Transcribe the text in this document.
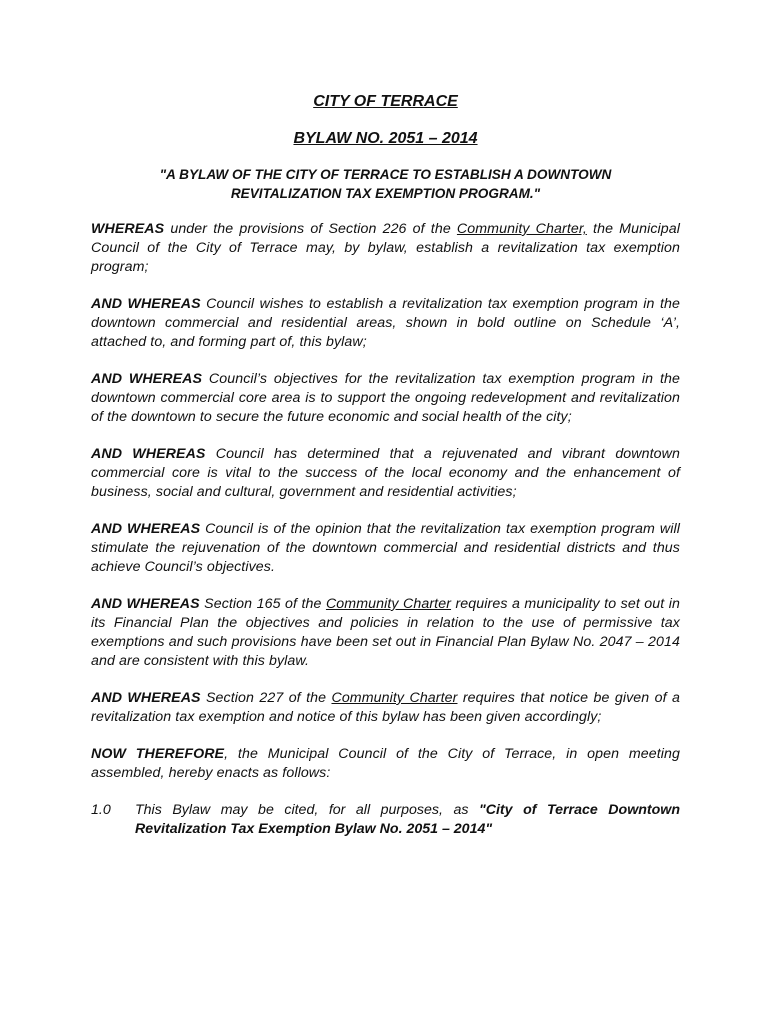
CITY OF TERRACE

BYLAW NO. 2051 – 2014

"A BYLAW OF THE CITY OF TERRACE TO ESTABLISH A DOWNTOWN REVITALIZATION TAX EXEMPTION PROGRAM."

WHEREAS under the provisions of Section 226 of the Community Charter, the Municipal Council of the City of Terrace may, by bylaw, establish a revitalization tax exemption program;

AND WHEREAS Council wishes to establish a revitalization tax exemption program in the downtown commercial and residential areas, shown in bold outline on Schedule ‘A’, attached to, and forming part of, this bylaw;

AND WHEREAS Council’s objectives for the revitalization tax exemption program in the downtown commercial core area is to support the ongoing redevelopment and revitalization of the downtown to secure the future economic and social health of the city;

AND WHEREAS Council has determined that a rejuvenated and vibrant downtown commercial core is vital to the success of the local economy and the enhancement of business, social and cultural, government and residential activities;

AND WHEREAS Council is of the opinion that the revitalization tax exemption program will stimulate the rejuvenation of the downtown commercial and residential districts and thus achieve Council’s objectives.

AND WHEREAS Section 165 of the Community Charter requires a municipality to set out in its Financial Plan the objectives and policies in relation to the use of permissive tax exemptions and such provisions have been set out in Financial Plan Bylaw No. 2047 – 2014 and are consistent with this bylaw.

AND WHEREAS Section 227 of the Community Charter requires that notice be given of a revitalization tax exemption and notice of this bylaw has been given accordingly;

NOW THEREFORE, the Municipal Council of the City of Terrace, in open meeting assembled, hereby enacts as follows:

1.0	This Bylaw may be cited, for all purposes, as "City of Terrace Downtown Revitalization Tax Exemption Bylaw No. 2051 – 2014"
